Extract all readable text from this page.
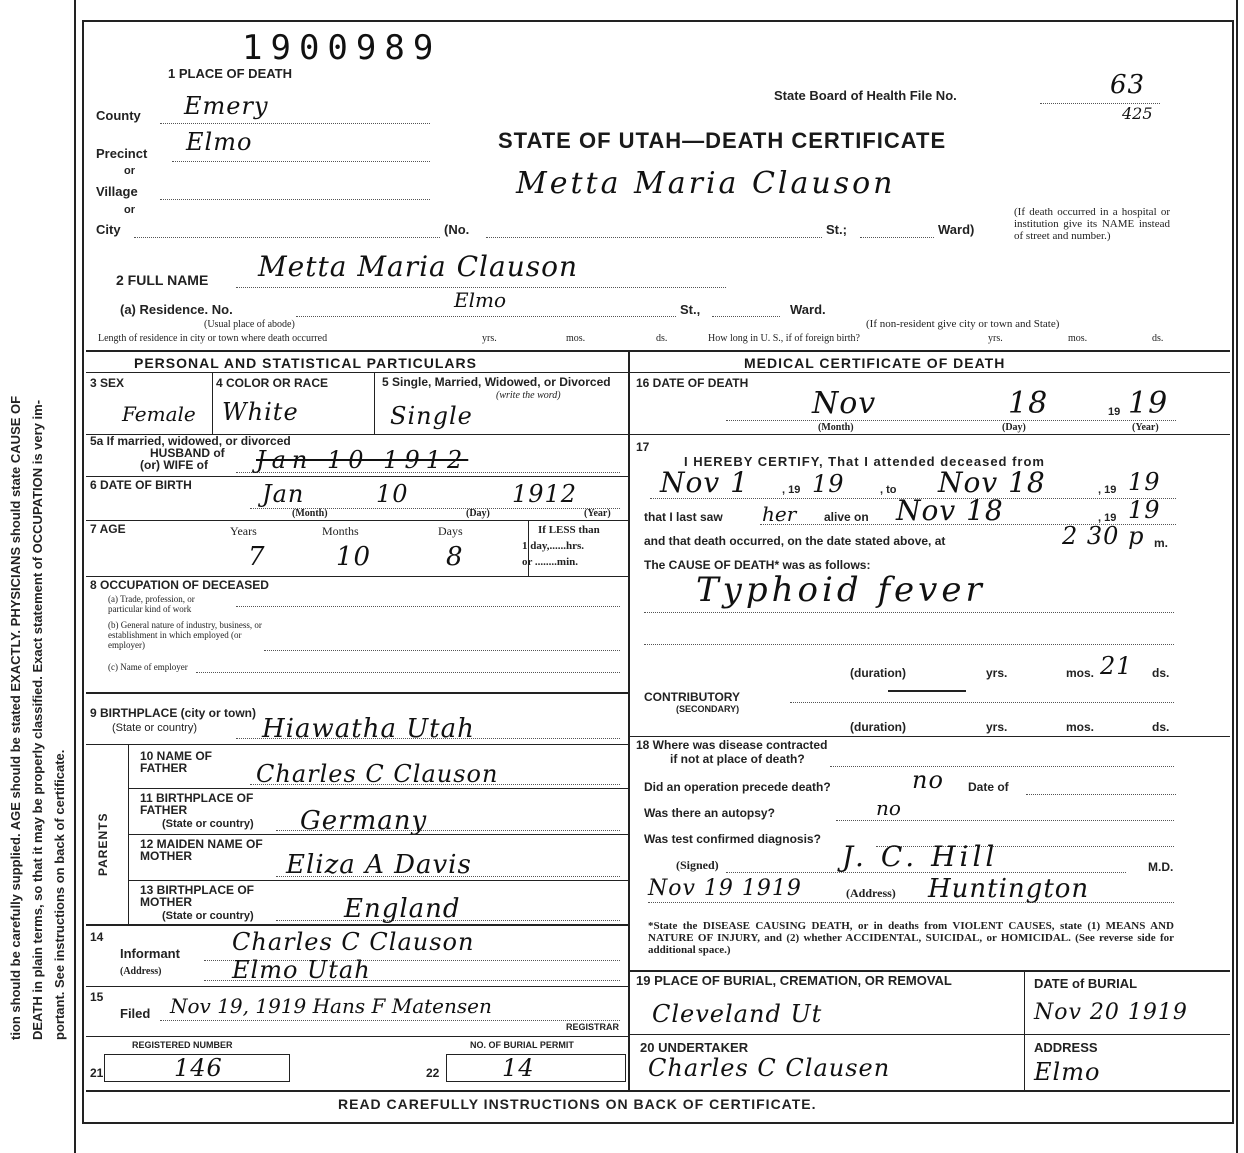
tion should be carefully supplied. AGE should be stated EXACTLY. PHYSICIANS should state CAUSE OF DEATH in plain terms, so that it may be properly classified. Exact statement of OCCUPATION is very im- portant. See instructions on back of certificate.
1900989
1 PLACE OF DEATH
State Board of Health File No.	63
425
STATE OF UTAH—DEATH CERTIFICATE
Metta Maria Clauson
County Emery
Precinct Elmo
or
Village
or
City	(No.	St.;	Ward)
(If death occurred in a hospital or institution give its NAME instead of street and number.)
2 FULL NAME Metta Maria Clauson
(a) Residence. No.	Elmo	St.,	Ward.
(Usual place of abode)	(If non-resident give city or town and State)
Length of residence in city or town where death occurred	yrs.	mos.	ds.	How long in U. S., if of foreign birth?	yrs.	mos.	ds.
PERSONAL AND STATISTICAL PARTICULARS	MEDICAL CERTIFICATE OF DEATH
3 SEX	4 COLOR OR RACE	5 Single, Married, Widowed, or Divorced
(write the word)
Female White	Single
5a If married, widowed, or divorced
HUSBAND of
(or) WIFE of Jan 10 1912
6 DATE OF BIRTH	Jan	10	1912
(Month)	(Day)	(Year)
7 AGE	Years	Months	Days	If LESS than
1 day,......hrs.
or ........min.
7	10	8
8 OCCUPATION OF DECEASED
(a) Trade, profession, or particular kind of work
(b) General nature of industry, business, or establishment in which employed (or employer)
(c) Name of employer
9 BIRTHPLACE (city or town)
(State or country)	Hiawatha Utah
PARENTS
10 NAME OF FATHER	Charles C Clauson
11 BIRTHPLACE OF FATHER
(State or country) Germany
12 MAIDEN NAME OF MOTHER	Eliza A Davis
13 BIRTHPLACE OF MOTHER
(State or country)	England
14
Informant Charles C Clauson
(Address)	Elmo Utah
15
Filed Nov 19, 1919 Hans F Matensen
REGISTRAR
REGISTERED NUMBER
21	146
NO. OF BURIAL PERMIT
22	14
16 DATE OF DEATH
Nov	18	19 19
(Month)	(Day)	(Year)
17
I HEREBY CERTIFY, That I attended deceased from
Nov 1	, 19 19	, to Nov 18	, 19 19
that I last saw her alive on Nov 18	, 19 19
and that death occurred, on the date stated above, at	2 30 p m.
The CAUSE OF DEATH* was as follows:
Typhoid fever
(duration)	yrs.	mos. 21 ds.
CONTRIBUTORY
(SECONDARY)
(duration)	yrs.	mos.	ds.
18 Where was disease contracted
if not at place of death?
Did an operation precede death?	no Date of
Was there an autopsy?	no
Was test confirmed diagnosis?
(Signed)	J. C. Hill	M.D.
Nov 19 1919	(Address) Huntington
*State the DISEASE CAUSING DEATH, or in deaths from VIOLENT CAUSES, state (1) MEANS AND NATURE OF INJURY, and (2) whether ACCIDENTAL, SUICIDAL, or HOMICIDAL. (See reverse side for additional space.)
19 PLACE OF BURIAL, CREMATION, OR REMOVAL
Cleveland Ut
DATE of BURIAL
Nov 20 1919
20 UNDERTAKER
Charles C Clausen
ADDRESS
Elmo
READ CAREFULLY INSTRUCTIONS ON BACK OF CERTIFICATE.
